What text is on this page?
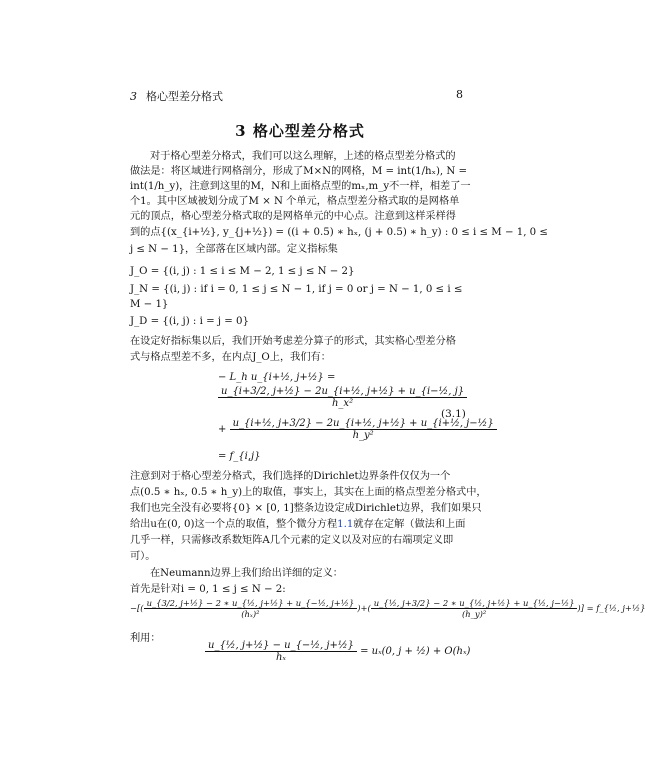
3 格心型差分格式	8
3 格心型差分格式
对于格心型差分格式，我们可以这么理解，上述的格点型差分格式的
做法是：将区域进行网格剖分，形成了M×N的网格，M = int(1/hₓ), N =
int(1/h_y)，注意到这里的M，N和上面格点型的mₓ,m_y不一样，相差了一
个1。其中区域被划分成了M × N 个单元，格点型差分格式取的是网格单
元的顶点，格心型差分格式取的是网格单元的中心点。注意到这样采样得
到的点{(x_{i+½}, y_{j+½}) = ((i + 0.5) ∗ hₓ, (j + 0.5) ∗ h_y) : 0 ≤ i ≤ M − 1, 0 ≤
j ≤ N − 1}，全部落在区域内部。定义指标集
J_O = {(i, j) : 1 ≤ i ≤ M − 2, 1 ≤ j ≤ N − 2}
J_N = {(i, j) : if i = 0, 1 ≤ j ≤ N − 1, if j = 0 or j = N − 1, 0 ≤ i ≤
M − 1}
J_D = {(i, j) : i = j = 0}
在设定好指标集以后，我们开始考虑差分算子的形式，其实格心型差分格
式与格点型差不多，在内点J_O上，我们有：
− L_h u_{i+½, j+½} =
$\frac{\text{u\_\{i+3/2, j+½\} − 2u\_\{i+½, j+½\} + u\_\{i−½, j\}}}{\text{h\_x²}}$
+ $\frac{\text{u\_\{i+½, j+3/2\} − 2u\_\{i+½, j+½\} + u\_\{i+½, j−½\}}}{\text{h\_y²}}$
= f_{i,j}
(3.1)
注意到对于格心型差分格式，我们选择的Dirichlet边界条件仅仅为一个
点(0.5 ∗ hₓ, 0.5 ∗ h_y)上的取值，事实上，其实在上面的格点型差分格式中，
我们也完全没有必要将{0} × [0, 1]整条边设定成Dirichlet边界，我们如果只
给出u在(0, 0)这一个点的取值，整个微分方程1.1就存在定解（做法和上面
几乎一样，只需修改系数矩阵A几个元素的定义以及对应的右端项定义即
可）。
在Neumann边界上我们给出详细的定义：
首先是针对i = 0, 1 ≤ j ≤ N − 2:
−[( $\frac{\text{u\_\{3/2, j+½\} − 2 ∗ u\_\{½, j+½\} + u\_\{−½, j+½\}}}{\text{(hₓ)²}}$ )+( $\frac{\text{u\_\{½, j+3/2\} − 2 ∗ u\_\{½, j+½\} + u\_\{½, j−½\}}}{\text{(h\_y)²}}$ )] = f_{½, j+½}
利用：
$\frac{\text{u\_\{½, j+½\} − u\_\{−½, j+½\}}}{\text{hₓ}} = u_x(0$, j + ½) + O(hₓ)
